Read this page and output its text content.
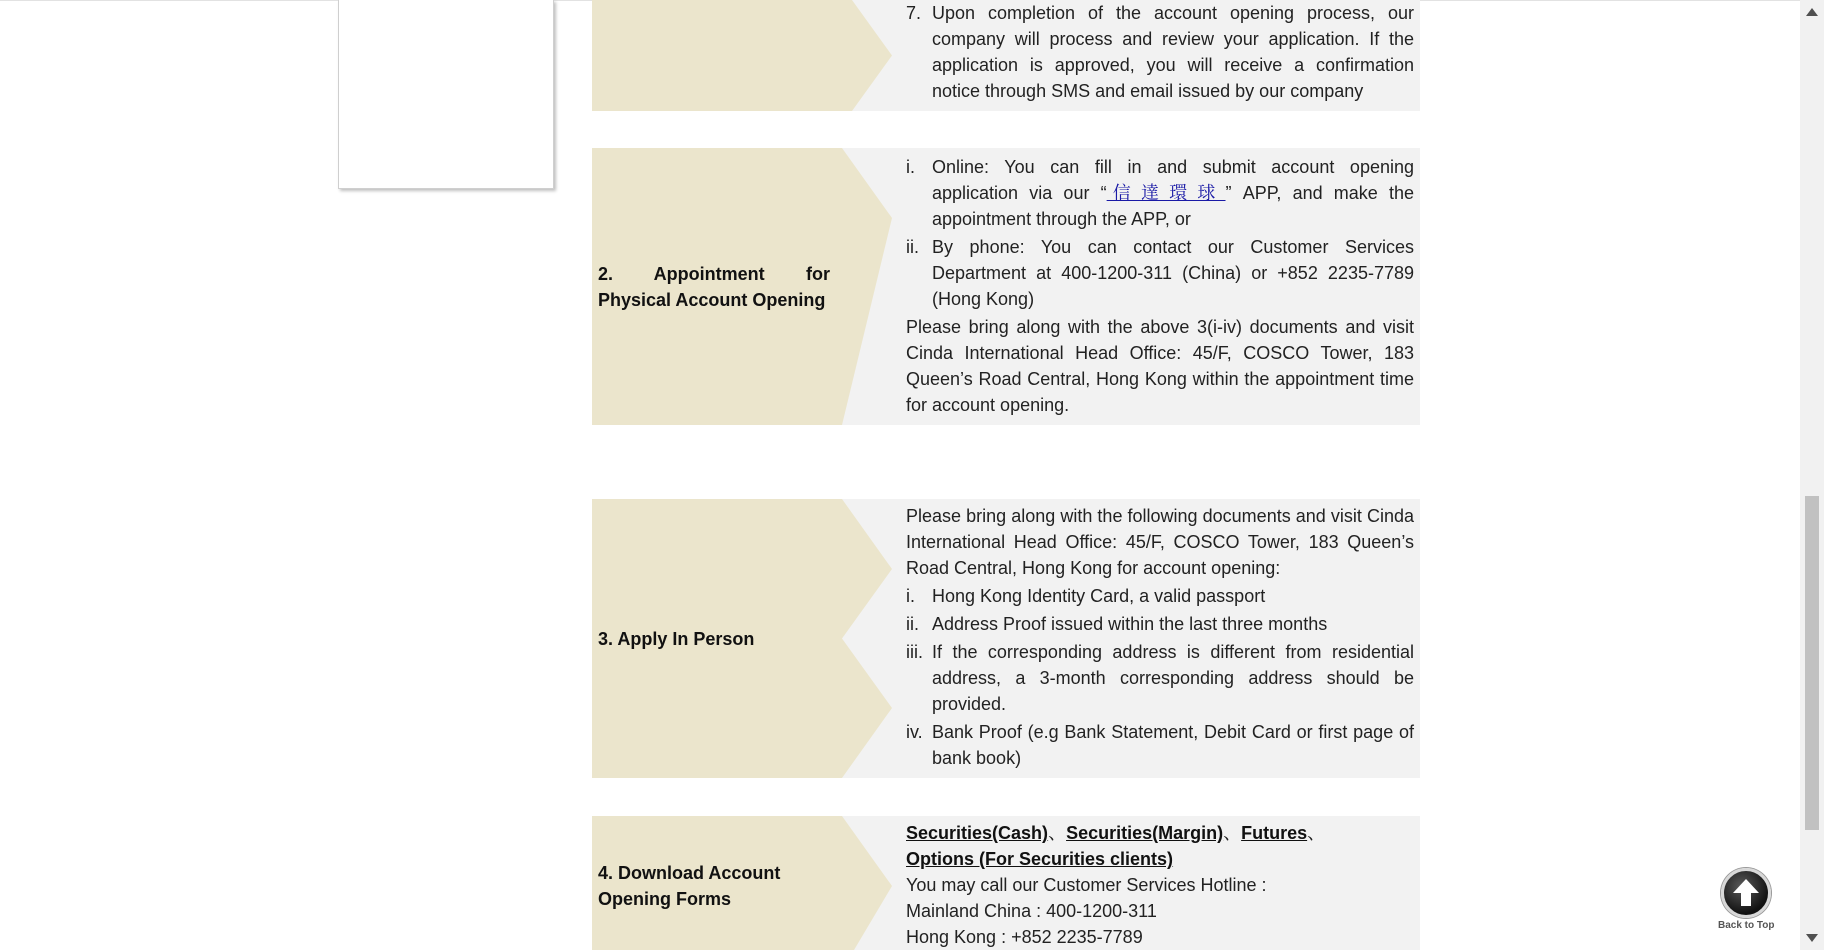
7. Upon completion of the account opening process, our company will process and review your application. If the application is approved, you will receive a confirmation notice through SMS and email issued by our company
2. Appointment for Physical Account Opening
i. Online: You can fill in and submit account opening application via our “信達環球” APP, and make the appointment through the APP, or
ii. By phone: You can contact our Customer Services Department at 400-1200-311 (China) or +852 2235-7789 (Hong Kong)
Please bring along with the above 3(i-iv) documents and visit Cinda International Head Office: 45/F, COSCO Tower, 183 Queen’s Road Central, Hong Kong within the appointment time for account opening.
3. Apply In Person
Please bring along with the following documents and visit Cinda International Head Office: 45/F, COSCO Tower, 183 Queen’s Road Central, Hong Kong for account opening:
i. Hong Kong Identity Card, a valid passport
ii. Address Proof issued within the last three months
iii. If the corresponding address is different from residential address, a 3-month corresponding address should be provided.
iv. Bank Proof (e.g Bank Statement, Debit Card or first page of bank book)
4. Download Account Opening Forms
Securities(Cash)、Securities(Margin)、Futures、
Options (For Securities clients)
You may call our Customer Services Hotline :
Mainland China : 400-1200-311
Hong Kong : +852 2235-7789
Back to Top
